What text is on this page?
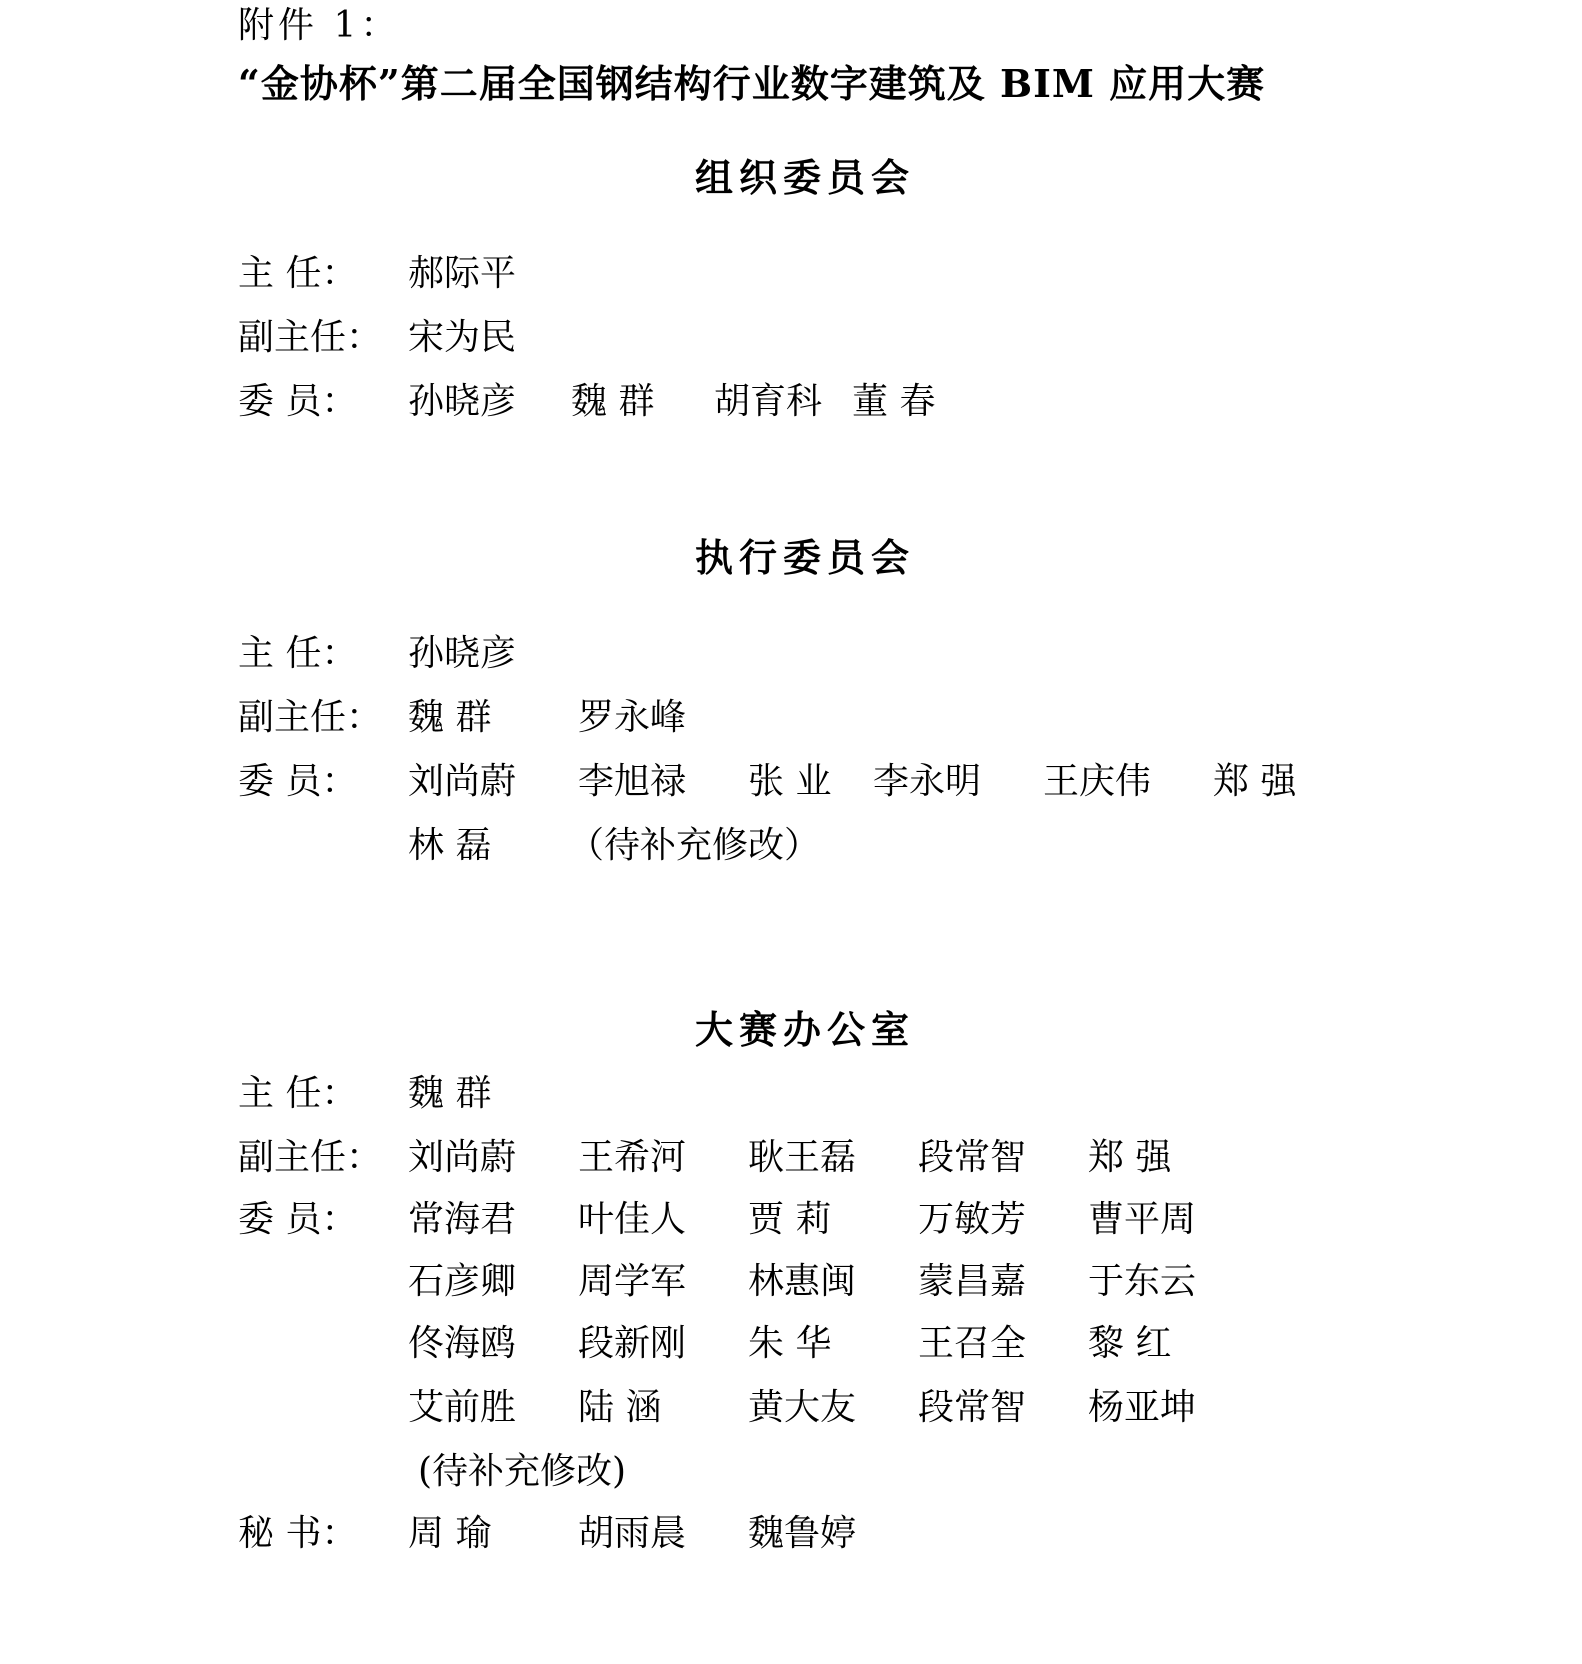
附件 1：
“金协杯”第二届全国钢结构行业数字建筑及 BIM 应用大赛
组织委员会
主 任： 郝际平
副主任： 宋为民
委 员： 孙晓彦 魏 群 胡育科 董 春
执行委员会
主 任： 孙晓彦
副主任： 魏 群 罗永峰
委 员： 刘尚蔚 李旭禄 张 业 李永明 王庆伟 郑 强
林 磊 （待补充修改）
大赛办公室
主 任： 魏 群
副主任： 刘尚蔚 王希河 耿王磊 段常智 郑 强
委 员： 常海君 叶佳人 贾 莉 万敏芳 曹平周
石彦卿 周学军 林惠闽 蒙昌嘉 于东云
佟海鸥 段新刚 朱 华 王召全 黎 红
艾前胜 陆 涵 黄大友 段常智 杨亚坤
(待补充修改)
秘 书： 周 瑜 胡雨晨 魏鲁婷
